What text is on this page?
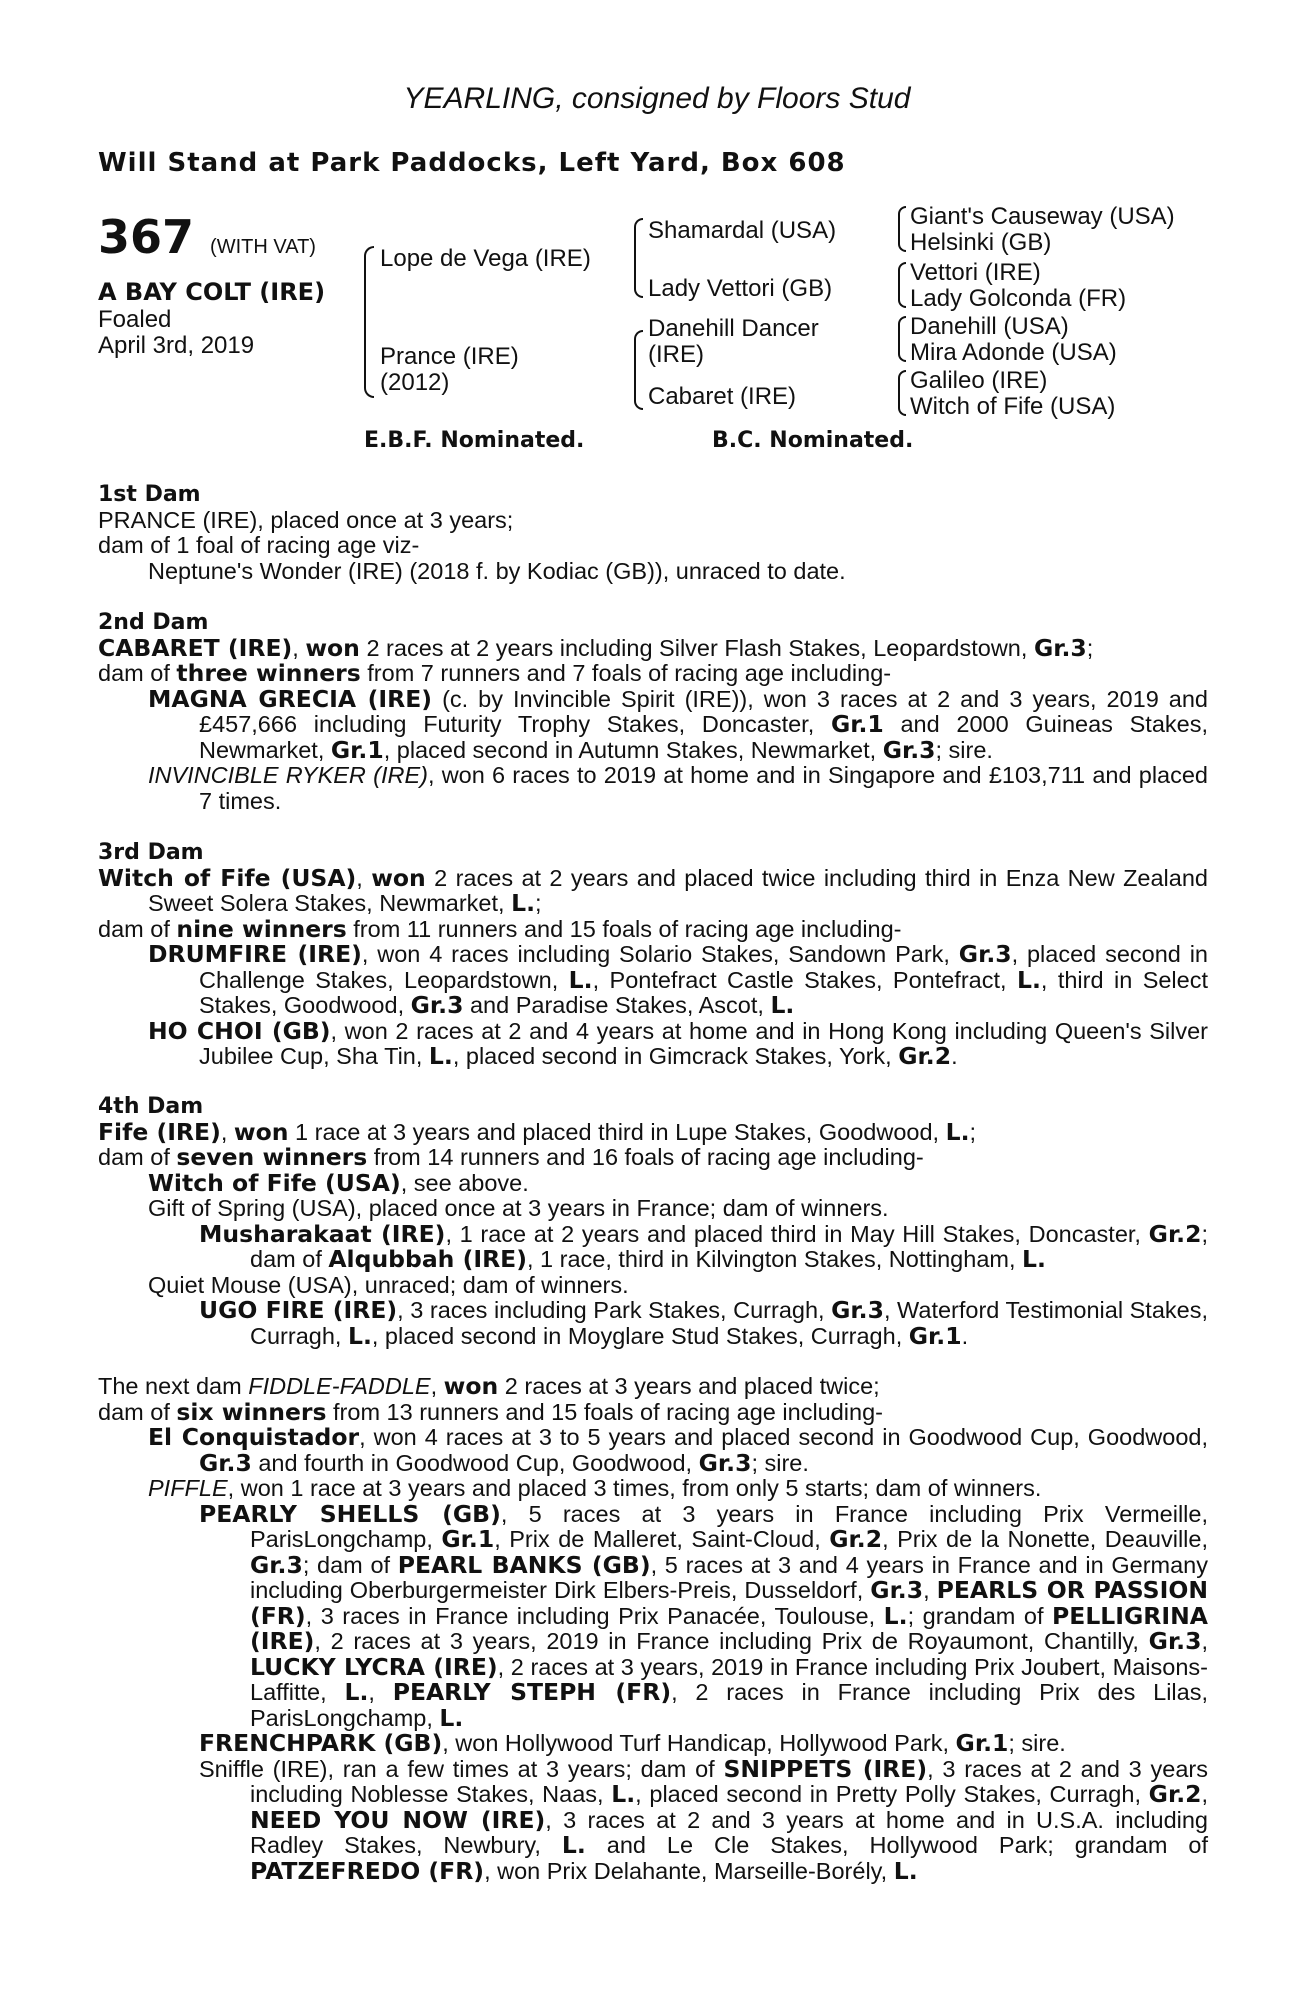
YEARLING, consigned by Floors Stud
Will Stand at Park Paddocks, Left Yard, Box 608
367 (WITH VAT)
A BAY COLT (IRE)
Foaled
April 3rd, 2019
Lope de Vega (IRE)
Prance (IRE)
(2012)
Shamardal (USA)
Lady Vettori (GB)
Danehill Dancer
(IRE)
Cabaret (IRE)
Giant's Causeway (USA)
Helsinki (GB)
Vettori (IRE)
Lady Golconda (FR)
Danehill (USA)
Mira Adonde (USA)
Galileo (IRE)
Witch of Fife (USA)
E.B.F. Nominated.	B.C. Nominated.

1st Dam

PRANCE (IRE), placed once at 3 years;

dam of 1 foal of racing age viz-

Neptune's Wonder (IRE) (2018 f. by Kodiac (GB)), unraced to date.

2nd Dam

CABARET (IRE), won 2 races at 2 years including Silver Flash Stakes, Leopardstown, Gr.3;

dam of three winners from 7 runners and 7 foals of racing age including-

MAGNA GRECIA (IRE) (c. by Invincible Spirit (IRE)), won 3 races at 2 and 3 years, 2019 and £457,666 including Futurity Trophy Stakes, Doncaster, Gr.1 and 2000 Guineas Stakes, Newmarket, Gr.1, placed second in Autumn Stakes, Newmarket, Gr.3; sire.

INVINCIBLE RYKER (IRE), won 6 races to 2019 at home and in Singapore and £103,711 and placed 7 times.

3rd Dam

Witch of Fife (USA), won 2 races at 2 years and placed twice including third in Enza New Zealand Sweet Solera Stakes, Newmarket, L.;

dam of nine winners from 11 runners and 15 foals of racing age including-

DRUMFIRE (IRE), won 4 races including Solario Stakes, Sandown Park, Gr.3, placed second in Challenge Stakes, Leopardstown, L., Pontefract Castle Stakes, Pontefract, L., third in Select Stakes, Goodwood, Gr.3 and Paradise Stakes, Ascot, L.

HO CHOI (GB), won 2 races at 2 and 4 years at home and in Hong Kong including Queen's Silver Jubilee Cup, Sha Tin, L., placed second in Gimcrack Stakes, York, Gr.2.

4th Dam

Fife (IRE), won 1 race at 3 years and placed third in Lupe Stakes, Goodwood, L.;

dam of seven winners from 14 runners and 16 foals of racing age including-

Witch of Fife (USA), see above.

Gift of Spring (USA), placed once at 3 years in France; dam of winners.

Musharakaat (IRE), 1 race at 2 years and placed third in May Hill Stakes, Doncaster, Gr.2; dam of Alqubbah (IRE), 1 race, third in Kilvington Stakes, Nottingham, L.

Quiet Mouse (USA), unraced; dam of winners.

UGO FIRE (IRE), 3 races including Park Stakes, Curragh, Gr.3, Waterford Testimonial Stakes, Curragh, L., placed second in Moyglare Stud Stakes, Curragh, Gr.1.

The next dam FIDDLE-FADDLE, won 2 races at 3 years and placed twice;

dam of six winners from 13 runners and 15 foals of racing age including-

El Conquistador, won 4 races at 3 to 5 years and placed second in Goodwood Cup, Goodwood, Gr.3 and fourth in Goodwood Cup, Goodwood, Gr.3; sire.

PIFFLE, won 1 race at 3 years and placed 3 times, from only 5 starts; dam of winners.

PEARLY SHELLS (GB), 5 races at 3 years in France including Prix Vermeille, ParisLongchamp, Gr.1, Prix de Malleret, Saint-Cloud, Gr.2, Prix de la Nonette, Deauville, Gr.3; dam of PEARL BANKS (GB), 5 races at 3 and 4 years in France and in Germany including Oberburgermeister Dirk Elbers-Preis, Dusseldorf, Gr.3, PEARLS OR PASSION (FR), 3 races in France including Prix Panacée, Toulouse, L.; grandam of PELLIGRINA (IRE), 2 races at 3 years, 2019 in France including Prix de Royaumont, Chantilly, Gr.3, LUCKY LYCRA (IRE), 2 races at 3 years, 2019 in France including Prix Joubert, Maisons-Laffitte, L., PEARLY STEPH (FR), 2 races in France including Prix des Lilas, ParisLongchamp, L.

FRENCHPARK (GB), won Hollywood Turf Handicap, Hollywood Park, Gr.1; sire.

Sniffle (IRE), ran a few times at 3 years; dam of SNIPPETS (IRE), 3 races at 2 and 3 years including Noblesse Stakes, Naas, L., placed second in Pretty Polly Stakes, Curragh, Gr.2, NEED YOU NOW (IRE), 3 races at 2 and 3 years at home and in U.S.A. including Radley Stakes, Newbury, L. and Le Cle Stakes, Hollywood Park; grandam of PATZEFREDO (FR), won Prix Delahante, Marseille-Borély, L.
